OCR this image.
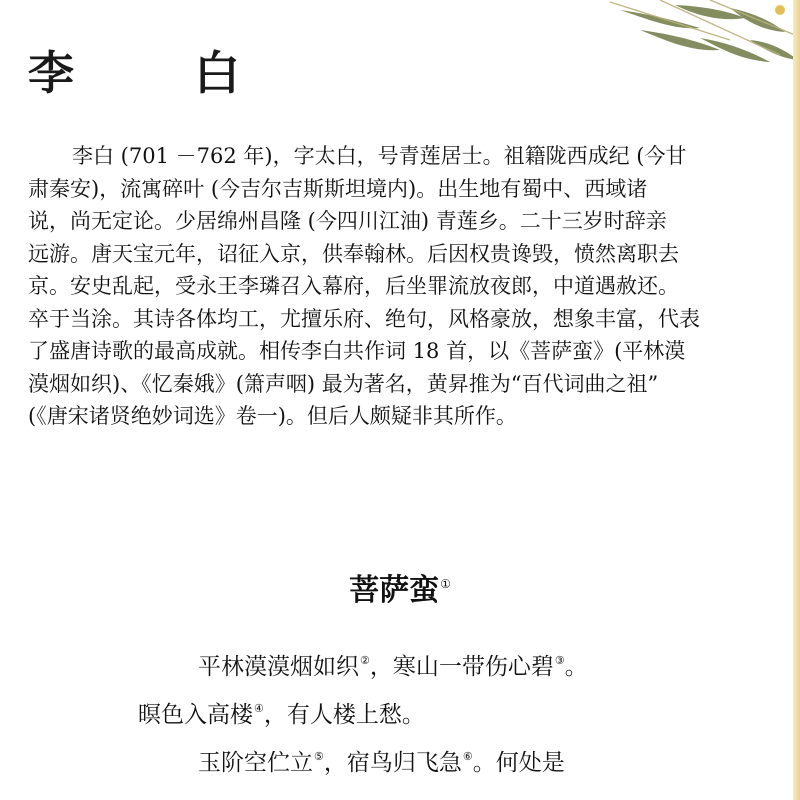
李 白
李白 (701 －762 年)，字太白，号青莲居士。祖籍陇西成纪 (今甘
肃秦安)，流寓碎叶 (今吉尔吉斯斯坦境内)。出生地有蜀中、西域诸
说，尚无定论。少居绵州昌隆 (今四川江油) 青莲乡。二十三岁时辞亲
远游。唐天宝元年，诏征入京，供奉翰林。后因权贵谗毁，愤然离职去
京。安史乱起，受永王李璘召入幕府，后坐罪流放夜郎，中道遇赦还。
卒于当涂。其诗各体均工，尤擅乐府、绝句，风格豪放，想象丰富，代表
了盛唐诗歌的最高成就。相传李白共作词 18 首，以《菩萨蛮》(平林漠
漠烟如织)、《忆秦娥》(箫声咽) 最为著名，黄昇推为“百代词曲之祖”
(《唐宋诸贤绝妙词选》卷一)。但后人颇疑非其所作。
菩萨蛮①
平林漠漠烟如织②，寒山一带伤心碧③。
暝色入高楼④，有人楼上愁。
玉阶空伫立⑤，宿鸟归飞急⑥。何处是
